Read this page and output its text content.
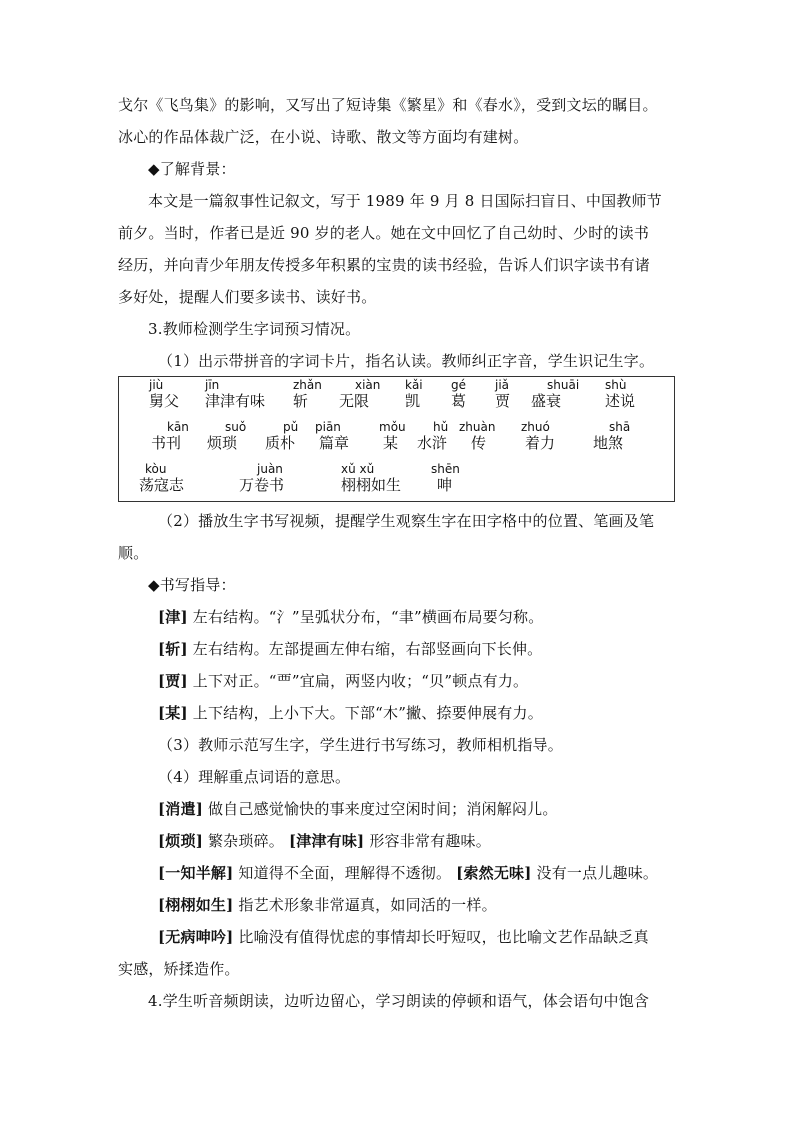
戈尔《飞鸟集》的影响，又写出了短诗集《繁星》和《春水》，受到文坛的瞩目。
冰心的作品体裁广泛，在小说、诗歌、散文等方面均有建树。
◆了解背景：
本文是一篇叙事性记叙文，写于 1989 年 9 月 8 日国际扫盲日、中国教师节
前夕。当时，作者已是近 90 岁的老人。她在文中回忆了自己幼时、少时的读书
经历，并向青少年朋友传授多年积累的宝贵的读书经验，告诉人们识字读书有诸
多好处，提醒人们要多读书、读好书。
3.教师检测学生字词预习情况。
（1）出示带拼音的字词卡片，指名认读。教师纠正字音，学生识记生字。
（2）播放生字书写视频，提醒学生观察生字在田字格中的位置、笔画及笔
顺。
◆书写指导：
[津] 左右结构。“氵”呈弧状分布，“聿”横画布局要匀称。
[斩] 左右结构。左部提画左伸右缩，右部竖画向下长伸。
[贾] 上下对正。“覀”宜扁，两竖内收；“贝”顿点有力。
[某] 上下结构，上小下大。下部“木”撇、捺要伸展有力。
（3）教师示范写生字，学生进行书写练习，教师相机指导。
（4）理解重点词语的意思。
[消遣] 做自己感觉愉快的事来度过空闲时间；消闲解闷儿。
[烦琐] 繁杂琐碎。 [津津有味] 形容非常有趣味。
[一知半解] 知道得不全面，理解得不透彻。 [索然无味] 没有一点儿趣味。
[栩栩如生] 指艺术形象非常逼真，如同活的一样。
[无病呻吟] 比喻没有值得忧虑的事情却长吁短叹，也比喻文艺作品缺乏真
实感，矫揉造作。
4.学生听音频朗读，边听边留心，学习朗读的停顿和语气，体会语句中饱含
jiù
舅父
jīn
津津有味
zhǎn
斩
xiàn
无限
kǎi
凯
gé
葛
jiǎ
贾
shuāi
盛衰
shù
述说
kān
书刊
suǒ
烦琐
pǔ
质朴
piān
篇章
mǒu
某
hǔ
水浒
zhuàn
传
zhuó
着力
shā
地煞
kòu
荡寇志
juàn
万卷书
xǔ xǔ
栩栩如生
shēn
呻
